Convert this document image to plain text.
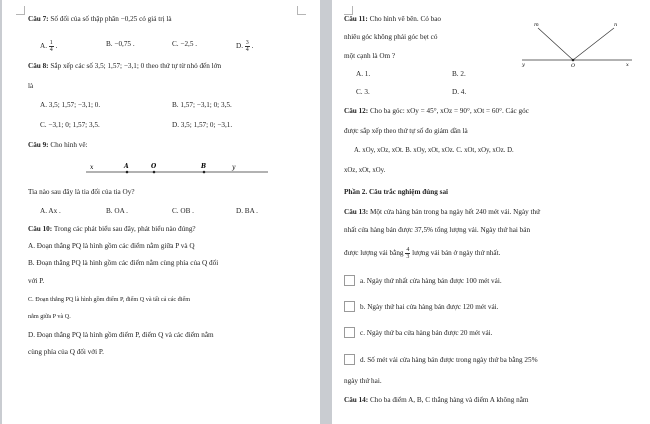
Câu 7: Số đối của số thập phân −0,25 có giá trị là
A. $\frac{1}{4}$ .	B. −0,75 .	C. −2,5 .	D. $\frac{3}{4}$ .
Câu 8: Sắp xếp các số 3,5; 1,57; −3,1; 0 theo thứ tự từ nhỏ đến lớn
là
A. 3,5; 1,57; −3,1; 0.	B. 1,57; −3,1; 0; 3,5.
C. −3,1; 0; 1,57; 3,5.	D. 3,5; 1,57; 0; −3,1.
Câu 9: Cho hình vẽ:
x	A	O	B	y
Tia nào sau đây là tia đối của tia Oy?
A. Ax .	B. OA .	C. OB .	D. BA .
Câu 10: Trong các phát biểu sau đây, phát biểu nào đúng?
A. Đoạn thẳng PQ là hình gồm các điểm nằm giữa P và Q
B. Đoạn thẳng PQ là hình gồm các điểm nằm cùng phía của Q đối
với P.
C. Đoạn thẳng PQ là hình gồm điểm P, điểm Q và tất cả các điểm
nằm giữa P và Q.
D. Đoạn thẳng PQ là hình gồm điểm P, điểm Q và các điểm nằm
cùng phía của Q đối với P.
Câu 11: Cho hình vẽ bên. Có bao
nhiêu góc không phải góc bẹt có
một cạnh là Om ?
A. 1.	B. 2.
C. 3.	D. 4.
m	n
y	O	x
Câu 12: Cho ba góc: xOy = 45°, xOz = 90°, xOt = 60°. Các góc
được sắp xếp theo thứ tự số đo giảm dần là
A. xOy, xOz, xOt. B. xOy, xOt, xOz. C. xOt, xOy, xOz. D.
xOz, xOt, xOy.
Phần 2. Câu trắc nghiệm đúng sai
Câu 13: Một cửa hàng bán trong ba ngày hết 240 mét vải. Ngày thứ
nhất cửa hàng bán được 37,5% tổng lượng vải. Ngày thứ hai bán
được lượng vải bằng $\frac{4}{3}$ lượng vải bán ở ngày thứ nhất.
a. Ngày thứ nhất cửa hàng bán được 100 mét vải.
b. Ngày thứ hai cửa hàng bán được 120 mét vải.
c. Ngày thứ ba cửa hàng bán được 20 mét vải.
d. Số mét vải cửa hàng bán được trong ngày thứ ba bằng 25%
ngày thứ hai.
Câu 14: Cho ba điểm A, B, C thẳng hàng và điểm A không nằm
